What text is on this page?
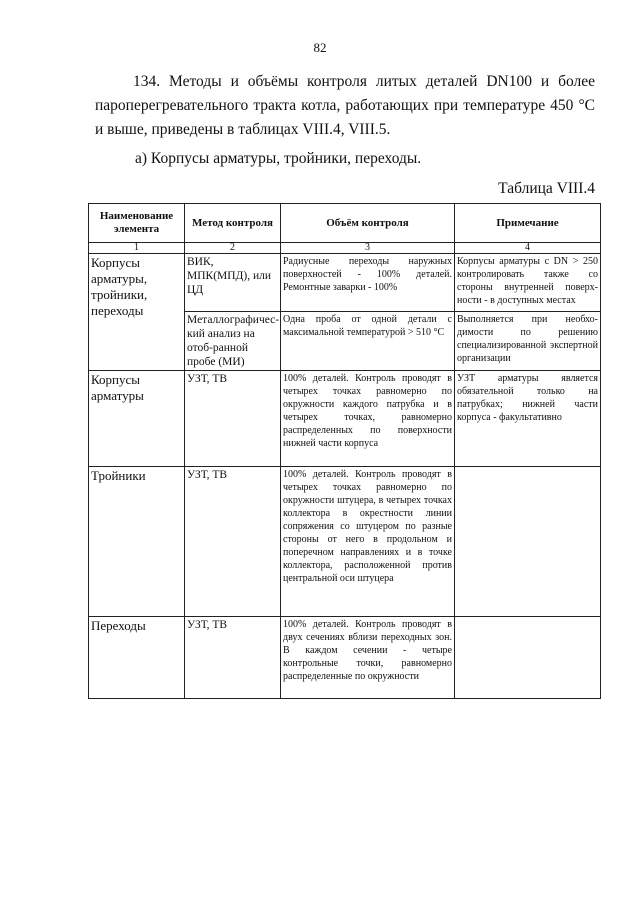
82
134. Методы и объёмы контроля литых деталей DN100 и более пароперегревательного тракта котла, работающих при температуре 450 °С и выше, приведены в таблицах VIII.4, VIII.5.
а) Корпусы арматуры, тройники, переходы.
Таблица VIII.4
Наименование элемента	Метод контроля	Объём контроля	Примечание
1	2	3	4
Корпусы арматуры, тройники, переходы	ВИК, МПК(МПД), или ЦД	Радиусные переходы наружных поверхностей - 100% деталей. Ремонтные заварки - 100%	Корпусы арматуры с DN > 250 контролировать также со стороны внутренней поверх-ности - в доступных местах
	Металлографичес-кий анализ на отоб-ранной пробе (МИ)	Одна проба от одной детали с максимальной температурой > 510 °С	Выполняется при необхо-димости по решению специализированной экспертной организации
Корпусы арматуры	УЗТ, ТВ	100% деталей. Контроль проводят в четырех точках равномерно по окружности каждого патрубка и в четырех точках, равномерно распределенных по поверхности нижней части корпуса	УЗТ арматуры является обязательной только на патрубках; нижней части корпуса - факультативно
Тройники	УЗТ, ТВ	100% деталей. Контроль проводят в четырех точках равномерно по окружности штуцера, в четырех точках коллектора в окрестности линии сопряжения со штуцером по разные стороны от него в продольном и поперечном направлениях и в точке коллектора, расположенной против центральной оси штуцера	
Переходы	УЗТ, ТВ	100% деталей. Контроль проводят в двух сечениях вблизи переходных зон. В каждом сечении - четыре контрольные точки, равномерно распределенные по окружности	
